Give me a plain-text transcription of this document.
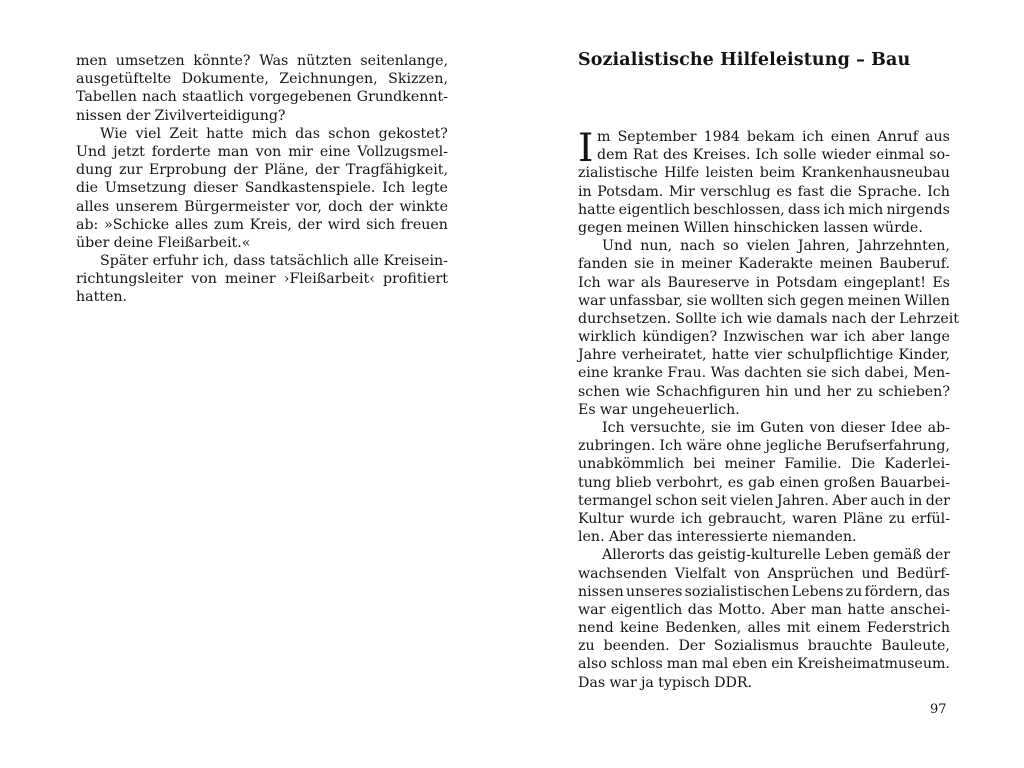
men umsetzen könnte? Was nützten seitenlange,
ausgetüftelte Dokumente, Zeichnungen, Skizzen,
Tabellen nach staatlich vorgegebenen Grundkennt-
nissen der Zivilverteidigung?
Wie viel Zeit hatte mich das schon gekostet?
Und jetzt forderte man von mir eine Vollzugsmel-
dung zur Erprobung der Pläne, der Tragfähigkeit,
die Umsetzung dieser Sandkastenspiele. Ich legte
alles unserem Bürgermeister vor, doch der winkte
ab: »Schicke alles zum Kreis, der wird sich freuen
über deine Fleißarbeit.«
Später erfuhr ich, dass tatsächlich alle Kreisein-
richtungsleiter von meiner ›Fleißarbeit‹ profitiert
hatten.
Sozialistische Hilfeleistung – Bau
I m September 1984 bekam ich einen Anruf aus
dem Rat des Kreises. Ich solle wieder einmal so-
zialistische Hilfe leisten beim Krankenhausneubau
in Potsdam. Mir verschlug es fast die Sprache. Ich
hatte eigentlich beschlossen, dass ich mich nirgends
gegen meinen Willen hinschicken lassen würde.
Und nun, nach so vielen Jahren, Jahrzehnten,
fanden sie in meiner Kaderakte meinen Bauberuf.
Ich war als Baureserve in Potsdam eingeplant! Es
war unfassbar, sie wollten sich gegen meinen Willen
durchsetzen. Sollte ich wie damals nach der Lehrzeit
wirklich kündigen? Inzwischen war ich aber lange
Jahre verheiratet, hatte vier schulpflichtige Kinder,
eine kranke Frau. Was dachten sie sich dabei, Men-
schen wie Schachfiguren hin und her zu schieben?
Es war ungeheuerlich.
Ich versuchte, sie im Guten von dieser Idee ab-
zubringen. Ich wäre ohne jegliche Berufserfahrung,
unabkömmlich bei meiner Familie. Die Kaderlei-
tung blieb verbohrt, es gab einen großen Bauarbei-
termangel schon seit vielen Jahren. Aber auch in der
Kultur wurde ich gebraucht, waren Pläne zu erfül-
len. Aber das interessierte niemanden.
Allerorts das geistig-kulturelle Leben gemäß der
wachsenden Vielfalt von Ansprüchen und Bedürf-
nissen unseres sozialistischen Lebens zu fördern, das
war eigentlich das Motto. Aber man hatte anschei-
nend keine Bedenken, alles mit einem Federstrich
zu beenden. Der Sozialismus brauchte Bauleute,
also schloss man mal eben ein Kreisheimatmuseum.
Das war ja typisch DDR.
97
